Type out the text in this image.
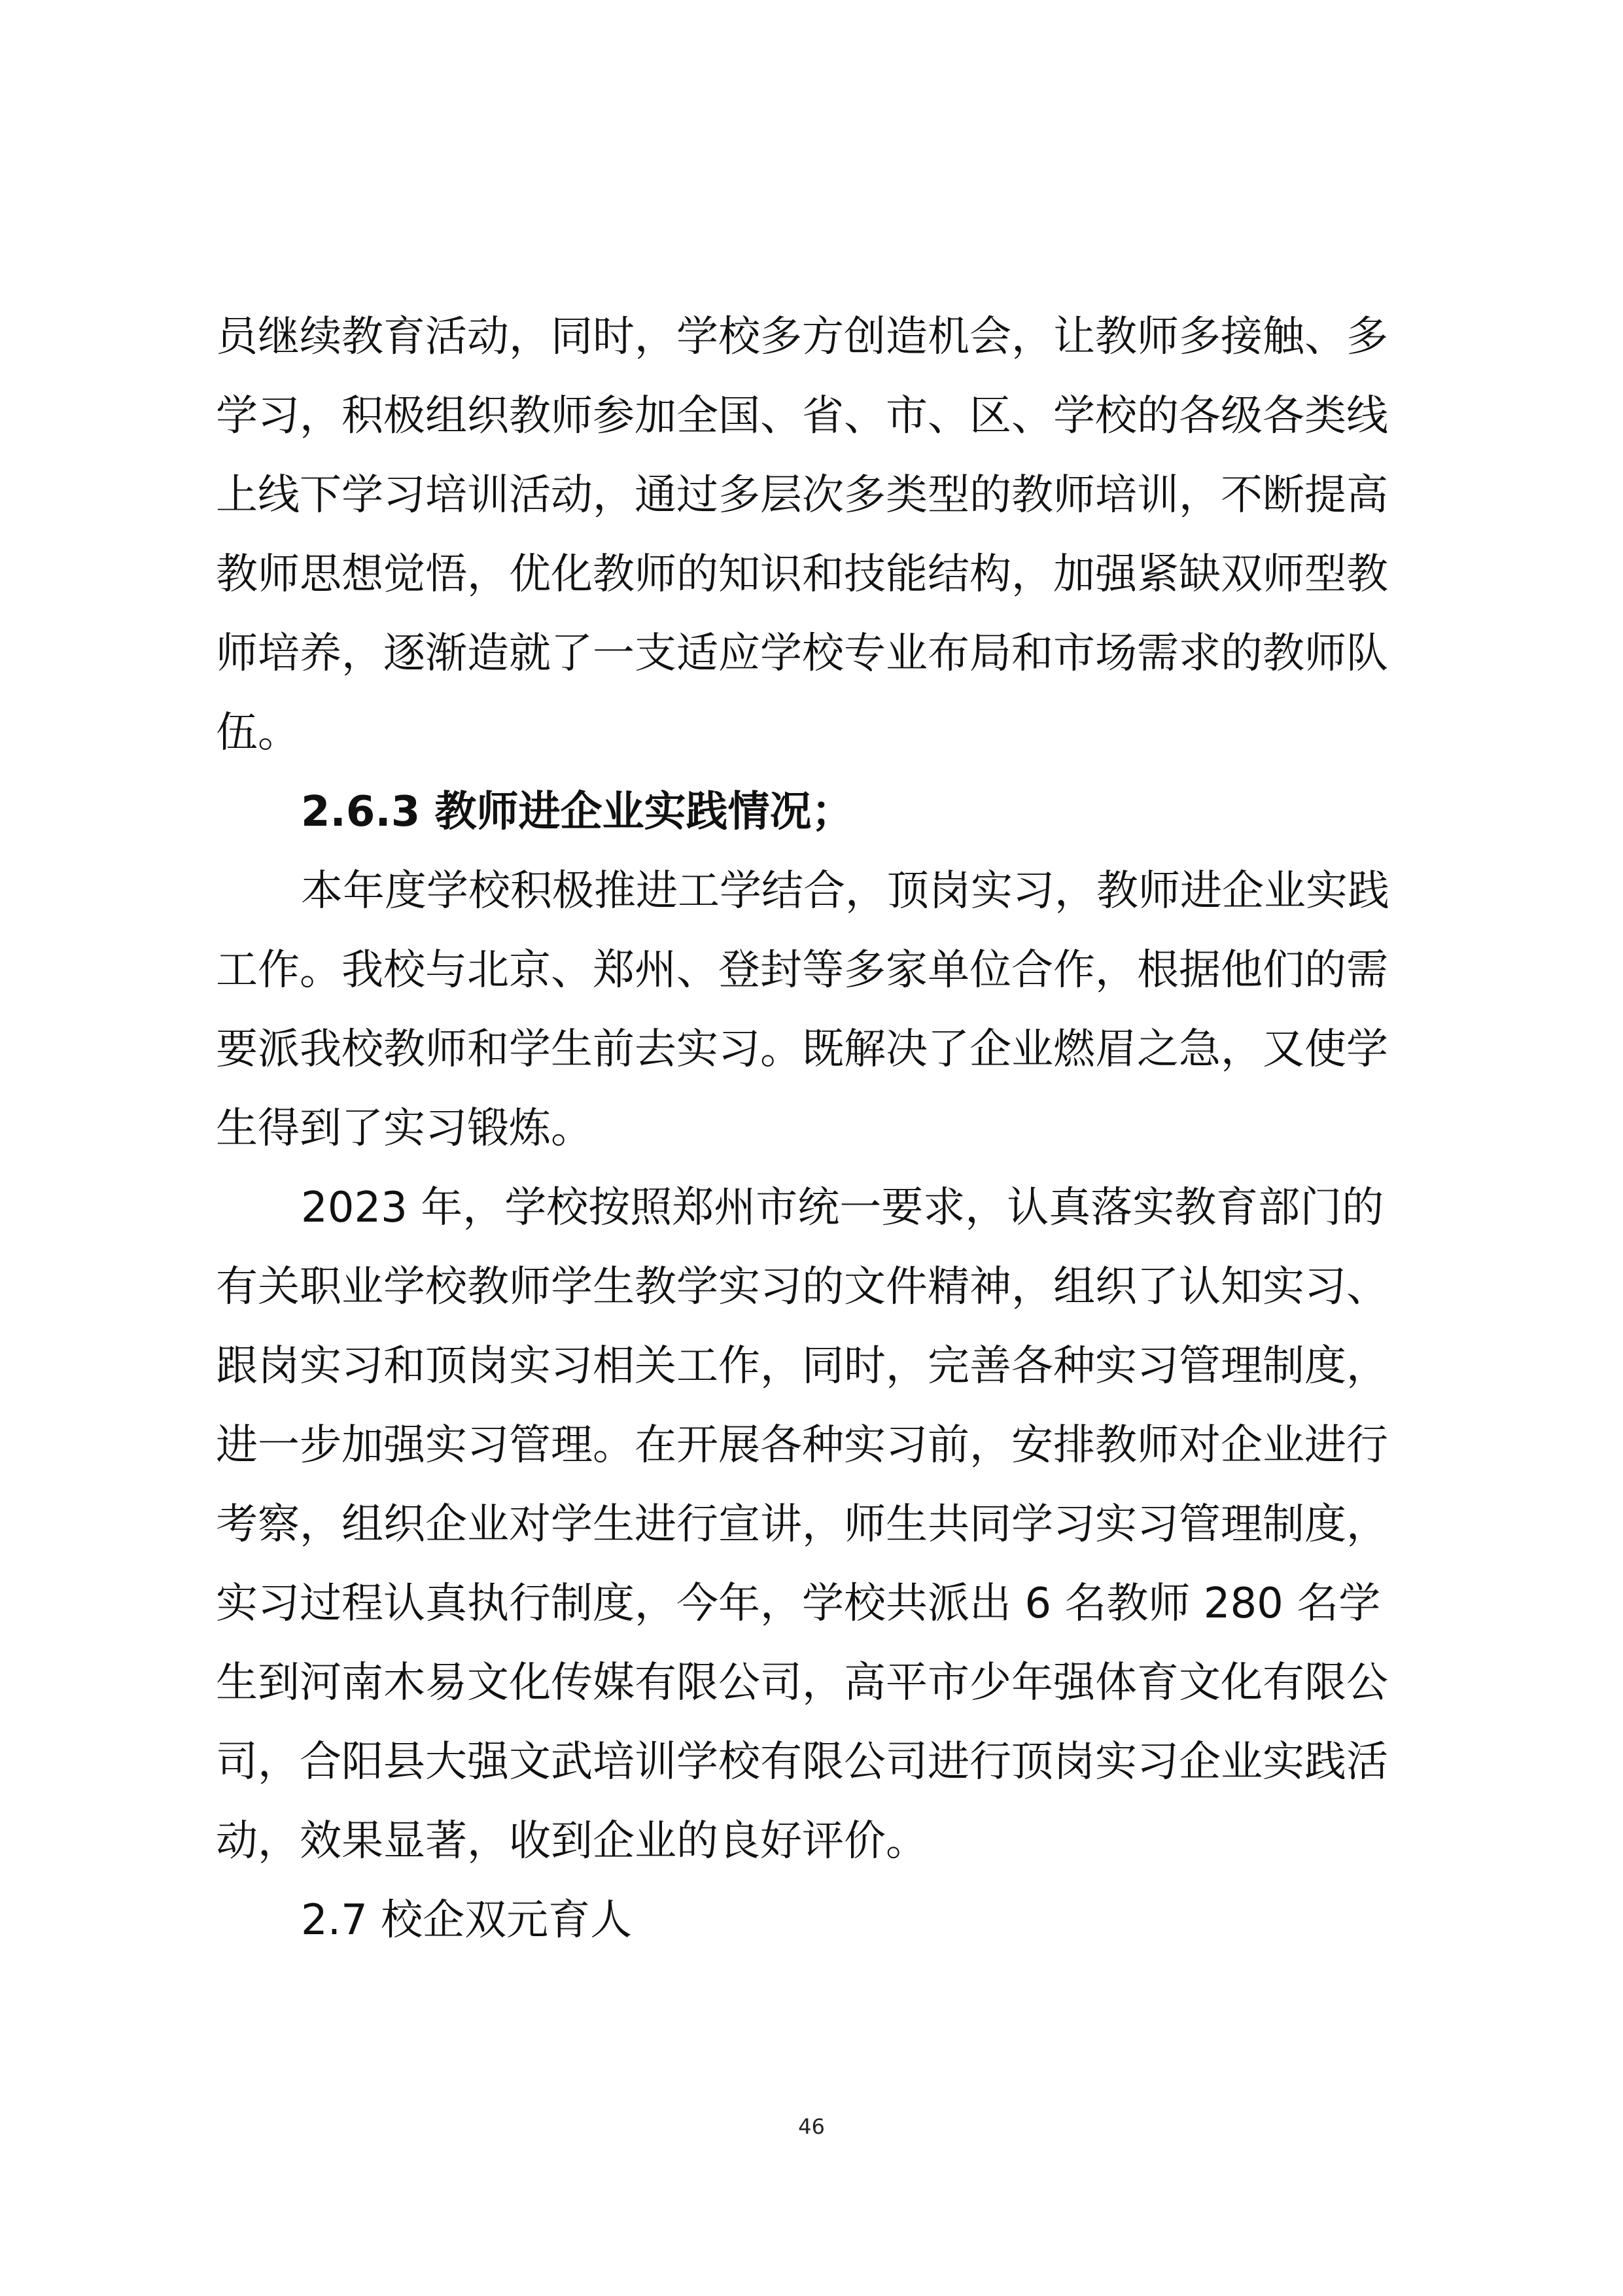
员继续教育活动，同时，学校多方创造机会，让教师多接触、多
学习，积极组织教师参加全国、省、市、区、学校的各级各类线
上线下学习培训活动，通过多层次多类型的教师培训，不断提高
教师思想觉悟，优化教师的知识和技能结构，加强紧缺双师型教
师培养，逐渐造就了一支适应学校专业布局和市场需求的教师队
伍。
2.6.3 教师进企业实践情况；
本年度学校积极推进工学结合，顶岗实习，教师进企业实践
工作。我校与北京、郑州、登封等多家单位合作，根据他们的需
要派我校教师和学生前去实习。既解决了企业燃眉之急，又使学
生得到了实习锻炼。
2023 年，学校按照郑州市统一要求，认真落实教育部门的
有关职业学校教师学生教学实习的文件精神，组织了认知实习、
跟岗实习和顶岗实习相关工作，同时，完善各种实习管理制度，
进一步加强实习管理。在开展各种实习前，安排教师对企业进行
考察，组织企业对学生进行宣讲，师生共同学习实习管理制度，
实习过程认真执行制度，今年，学校共派出 6 名教师 280 名学
生到河南木易文化传媒有限公司，高平市少年强体育文化有限公
司，合阳县大强文武培训学校有限公司进行顶岗实习企业实践活
动，效果显著，收到企业的良好评价。
2.7 校企双元育人
46
